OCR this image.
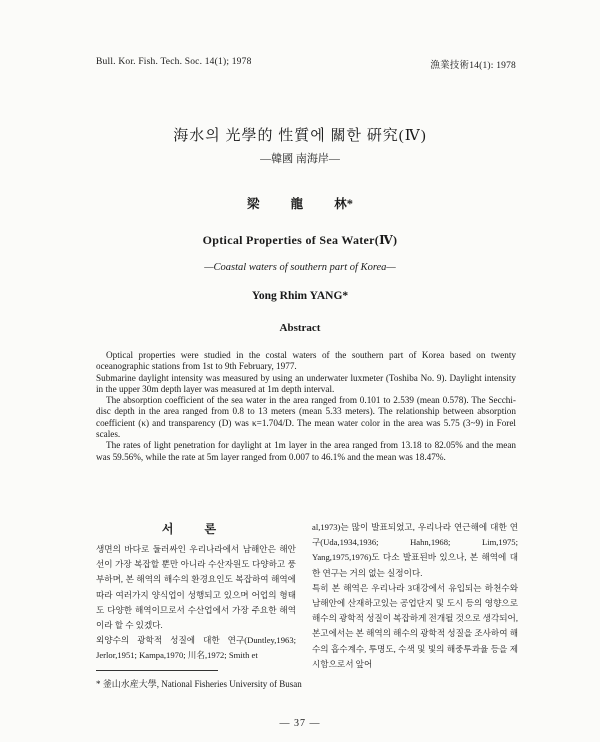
Bull. Kor. Fish. Tech. Soc. 14(1); 1978	漁業技術14(1): 1978
海水의 光學的 性質에 關한 硏究(Ⅳ)
—韓國 南海岸—
梁 龍 林*
Optical Properties of Sea Water(Ⅳ)
—Coastal waters of southern part of Korea—
Yong Rhim YANG*
Abstract

Optical properties were studied in the costal waters of the southern part of Korea based on twenty oceanographic stations from 1st to 9th February, 1977.

Submarine daylight intensity was measured by using an underwater luxmeter (Toshiba No. 9). Daylight intensity in the upper 30m depth layer was measured at 1m depth interval.

The absorption coefficient of the sea water in the area ranged from 0.101 to 2.539 (mean 0.578). The Secchi-disc depth in the area ranged from 0.8 to 13 meters (mean 5.33 meters). The relationship between absorption coefficient (κ) and transparency (D) was κ=1.704/D. The mean water color in the area was 5.75 (3~9) in Forel scales.

The rates of light penetration for daylight at 1m layer in the area ranged from 13.18 to 82.05% and the mean was 59.56%, while the rate at 5m layer ranged from 0.007 to 46.1% and the mean was 18.47%.

서 론

생면의 바다로 둘러싸인 우리나라에서 남해안은 해안선이 가장 복잡할 뿐만 아니라 수산자원도 다양하고 풍부하며, 본 해역의 해수의 환경요인도 복잡하여 해역에 따라 여러가지 양식업이 성행되고 있으며 어업의 형태도 다양한 해역이므로서 수산업에서 가장 주요한 해역이라 할 수 있겠다.

외양수의 광학적 성질에 대한 연구(Duntley,1963; Jerlor,1951; Kampa,1970; 川名,1972; Smith et

al,1973)는 많이 발표되었고, 우리나라 연근해에 대한 연구(Uda,1934,1936; Hahn,1968; Lim,1975; Yang,1975,1976)도 다소 발표된바 있으나, 본 해역에 대한 연구는 거의 없는 실정이다.

특히 본 해역은 우리나라 3대강에서 유입되는 하천수와 남해안에 산재하고있는 공업단지 및 도시 등의 영향으로 해수의 광학적 성질이 복잡하게 전개될 것으로 생각되어, 본고에서는 본 해역의 해수의 광학적 성질을 조사하여 해수의 흡수계수, 투명도, 수색 및 빛의 해중투과율 등을 제시함으로서 앞어

* 釜山水産大學, National Fisheries University of Busan
— 37 —
